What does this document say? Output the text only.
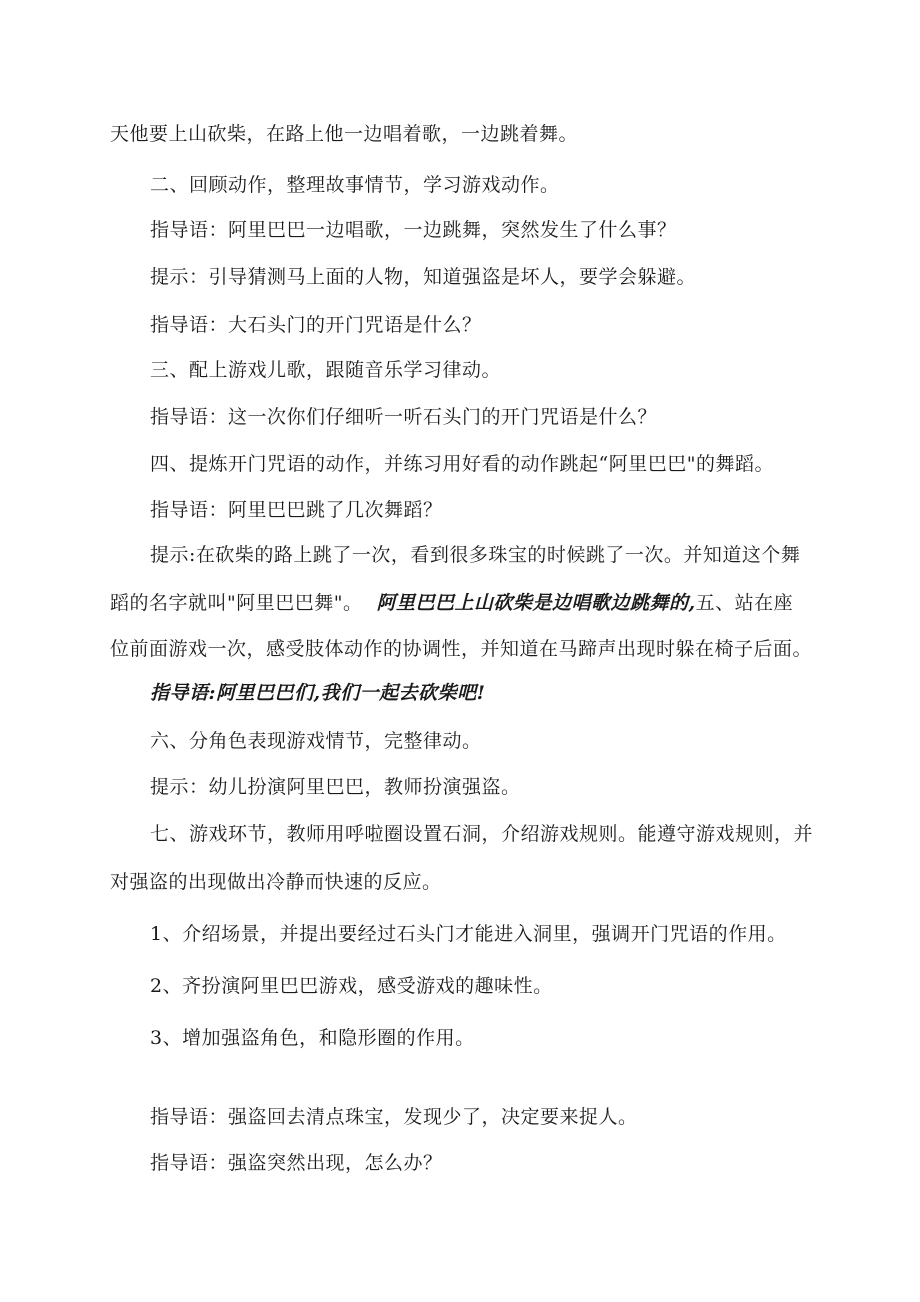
天他要上山砍柴，在路上他一边唱着歌，一边跳着舞。
二、回顾动作，整理故事情节，学习游戏动作。
指导语：阿里巴巴一边唱歌，一边跳舞，突然发生了什么事？
提示：引导猜测马上面的人物，知道强盗是坏人，要学会躲避。
指导语：大石头门的开门咒语是什么？
三、配上游戏儿歌，跟随音乐学习律动。
指导语：这一次你们仔细听一听石头门的开门咒语是什么？
四、提炼开门咒语的动作，并练习用好看的动作跳起“阿里巴巴"的舞蹈。
指导语：阿里巴巴跳了几次舞蹈？
提示:在砍柴的路上跳了一次，看到很多珠宝的时候跳了一次。并知道这个舞
蹈的名字就叫"阿里巴巴舞"。 阿里巴巴上山砍柴是边唱歌边跳舞的,五、站在座
位前面游戏一次，感受肢体动作的协调性，并知道在马蹄声出现时躲在椅子后面。
指导语:阿里巴巴们,我们一起去砍柴吧!
六、分角色表现游戏情节，完整律动。
提示：幼儿扮演阿里巴巴，教师扮演强盗。
七、游戏环节，教师用呼啦圈设置石洞，介绍游戏规则。能遵守游戏规则，并
对强盗的出现做出冷静而快速的反应。
1、介绍场景，并提出要经过石头门才能进入洞里，强调开门咒语的作用。
2、齐扮演阿里巴巴游戏，感受游戏的趣味性。
3、增加强盗角色，和隐形圈的作用。
指导语：强盗回去清点珠宝，发现少了，决定要来捉人。
指导语：强盗突然出现，怎么办？
